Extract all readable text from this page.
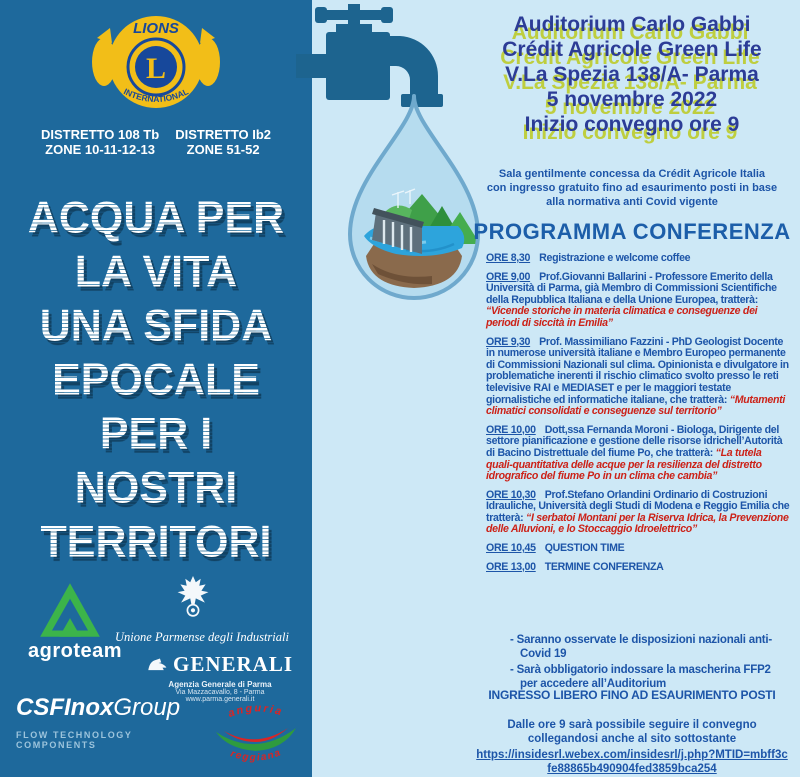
LIONS
L
INTERNATIONAL
DISTRETTO 108 Tb
ZONE 10-11-12-13
DISTRETTO Ib2
ZONE 51-52
ACQUA PER
LA VITA
UNA SFIDA
EPOCALE
PER I
NOSTRI
TERRITORI
agroteam
Unione Parmense degli Industriali
GENERALI
Agenzia Generale di Parma
Via Mazzacavallo, 8 - Parma
www.parma.generali.it
CSFInoxGroup
FLOW TECHNOLOGY COMPONENTS
anguria
reggiana
Auditorium Carlo Gabbi
Crédit Agricole Green Life
V.La Spezia 138/A- Parma
5 novembre 2022
Inizio convegno ore 9
Sala gentilmente concessa da Crédit Agricole Italia
con ingresso gratuito fino ad esaurimento posti in base
alla normativa anti Covid vigente
PROGRAMMA CONFERENZA

ORE 8,30 Registrazione e welcome coffee

ORE 9,00 Prof.Giovanni Ballarini - Professore Emerito della Università di Parma, già Membro di Commissioni Scientifiche della Repubblica Italiana e della Unione Europea, tratterà: “Vicende storiche in materia climatica e conseguenze dei periodi di siccità in Emilia”

ORE 9,30 Prof. Massimiliano Fazzini - PhD Geologist Docente in numerose università italiane e Membro Europeo permanente di Commissioni Nazionali sul clima. Opinionista e divulgatore in problematiche inerenti il rischio climatico svolto presso le reti televisive RAI e MEDIASET e per le maggiori testate giornalistiche ed informatiche italiane, che tratterà: “Mutamenti climatici consolidati e conseguenze sul territorio”

ORE 10,00 Dott,ssa Fernanda Moroni - Biologa, Dirigente del settore pianificazione e gestione delle risorse idrichell’Autorità di Bacino Distrettuale del fiume Po, che tratterà: “La tutela quali-quantitativa delle acque per la resilienza del distretto idrografico del fiume Po in un clima che cambia”

ORE 10,30 Prof.Stefano Orlandini Ordinario di Costruzioni Idrauliche, Università degli Studi di Modena e Reggio Emilia che tratterà: “I serbatoi Montani per la Riserva Idrica, la Prevenzione delle Alluvioni, e lo Stoccaggio Idroelettrico”

ORE 10,45 QUESTION TIME

ORE 13,00 TERMINE CONFERENZA

- Saranno osservate le disposizioni nazionali anti-Covid 19
- Sarà obbligatorio indossare la mascherina FFP2 per accedere all’Auditorium
INGRESSO LIBERO FINO AD ESAURIMENTO POSTI
Dalle ore 9 sarà possibile seguire il convegno
collegandosi anche al sito sottostante
https://insidesrl.webex.com/insidesrl/j.php?MTID=mbff3cfe88865b490904fed3859bca254
